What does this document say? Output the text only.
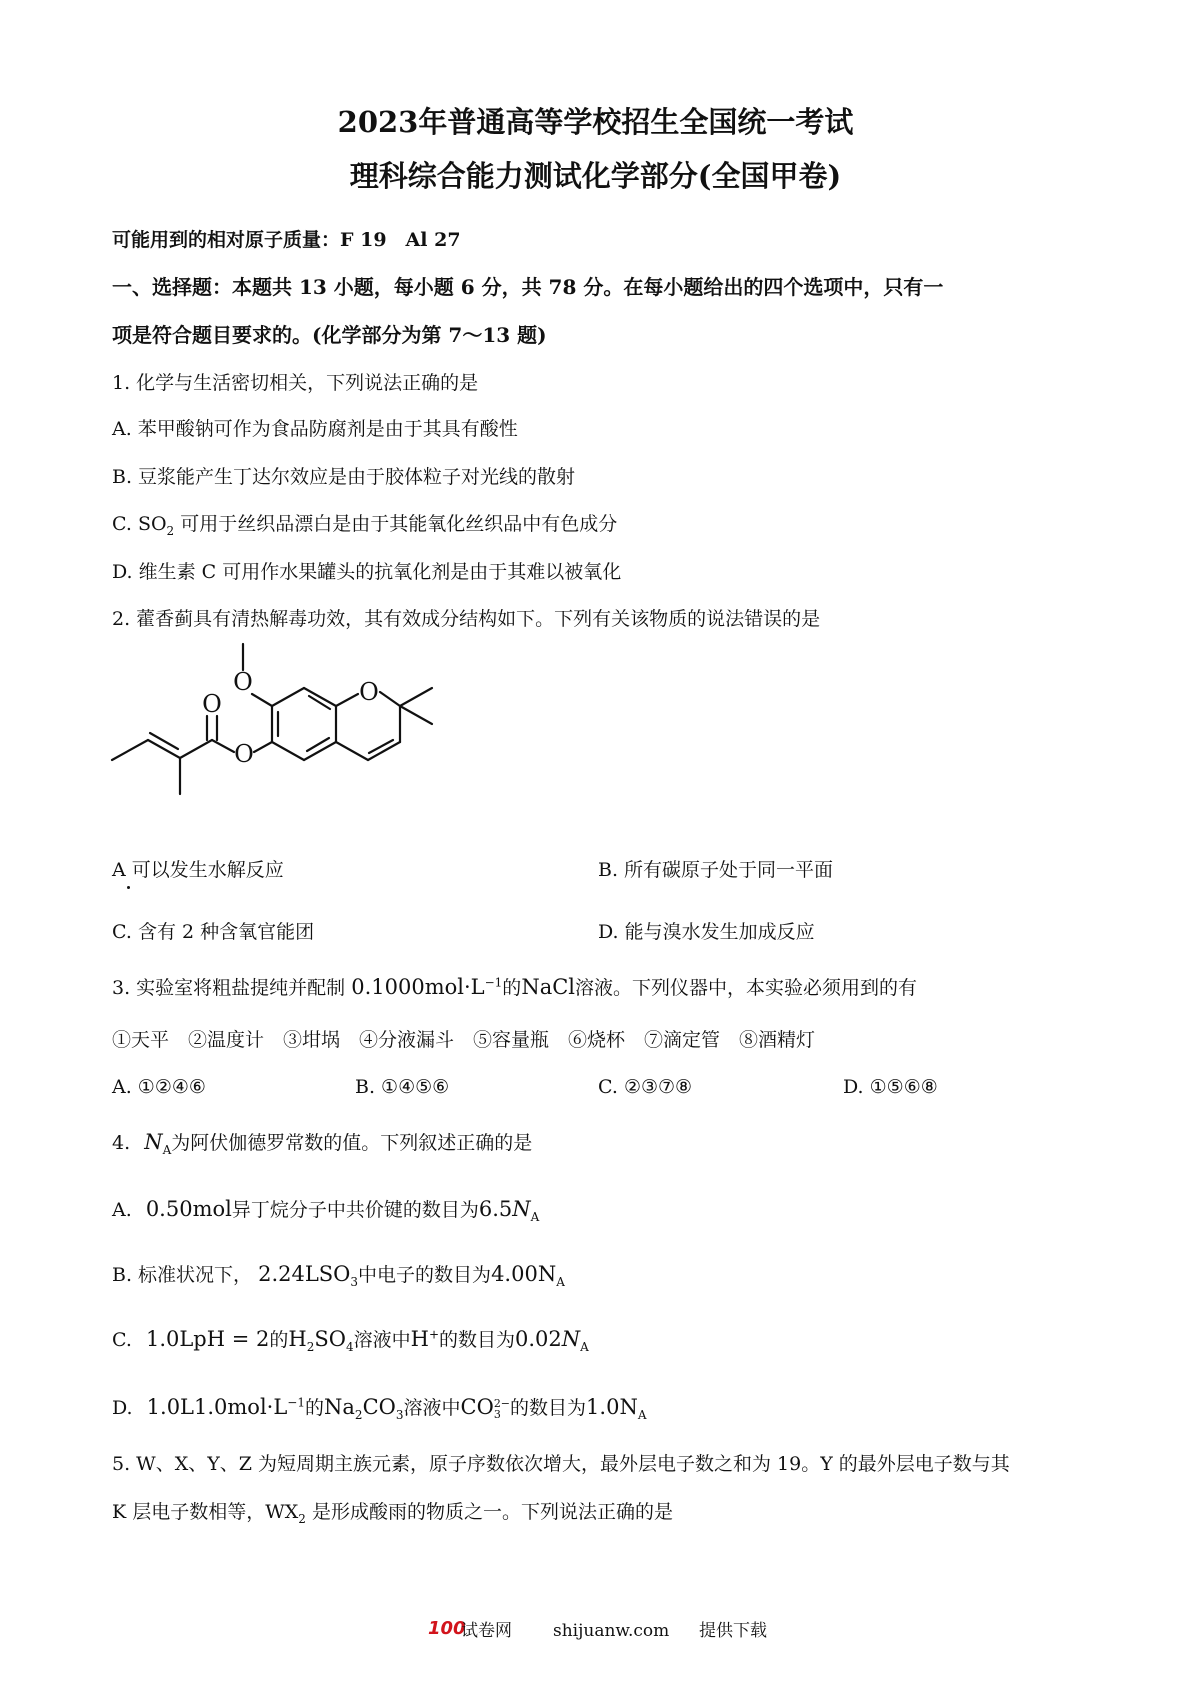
2023年普通高等学校招生全国统一考试
理科综合能力测试化学部分(全国甲卷)
可能用到的相对原子质量：F 19　Al 27
一、选择题：本题共 13 小题，每小题 6 分，共 78 分。在每小题给出的四个选项中，只有一
项是符合题目要求的。(化学部分为第 7～13 题)
1. 化学与生活密切相关，下列说法正确的是
A. 苯甲酸钠可作为食品防腐剂是由于其具有酸性
B. 豆浆能产生丁达尔效应是由于胶体粒子对光线的散射
C. $SO_2$ 可用于丝织品漂白是由于其能氧化丝织品中有色成分
D. 维生素 C 可用作水果罐头的抗氧化剂是由于其难以被氧化
2. 藿香蓟具有清热解毒功效，其有效成分结构如下。下列有关该物质的说法错误的是
O	O
O
O
A 可以发生水解反应	B. 所有碳原子处于同一平面
C. 含有 2 种含氧官能团	D. 能与溴水发生加成反应
3. 实验室将粗盐提纯并配制 $0.1000mol\cdot L^{-1}$的NaCl溶液。下列仪器中，本实验必须用到的有
①天平　②温度计　③坩埚　④分液漏斗　⑤容量瓶　⑥烧杯　⑦滴定管　⑧酒精灯
A. ①②④⑥	B. ①④⑤⑥	C. ②③⑦⑧	D. ①⑤⑥⑧
4. $N_A$为阿伏伽德罗常数的值。下列叙述正确的是
A. 0.50mol异丁烷分子中共价键的数目为$6.5N_A$
B. 标准状况下， $2.24LSO_3$中电子的数目为$4.00N_A$
C. 1.0LpH = 2的$H_2SO_4$溶液中H+的数目为$0.02N_A$
D. $1.0L1.0mol\cdot L^{-1}$的$Na_2CO_3$溶液中CO 2−
3 的数目为$1.0N_A$
5. W、X、Y、Z 为短周期主族元素，原子序数依次增大，最外层电子数之和为 19。Y 的最外层电子数与其
K 层电子数相等，$WX_2$ 是形成酸雨的物质之一。下列说法正确的是
100
试卷网 shijuanw.com 提供下载
